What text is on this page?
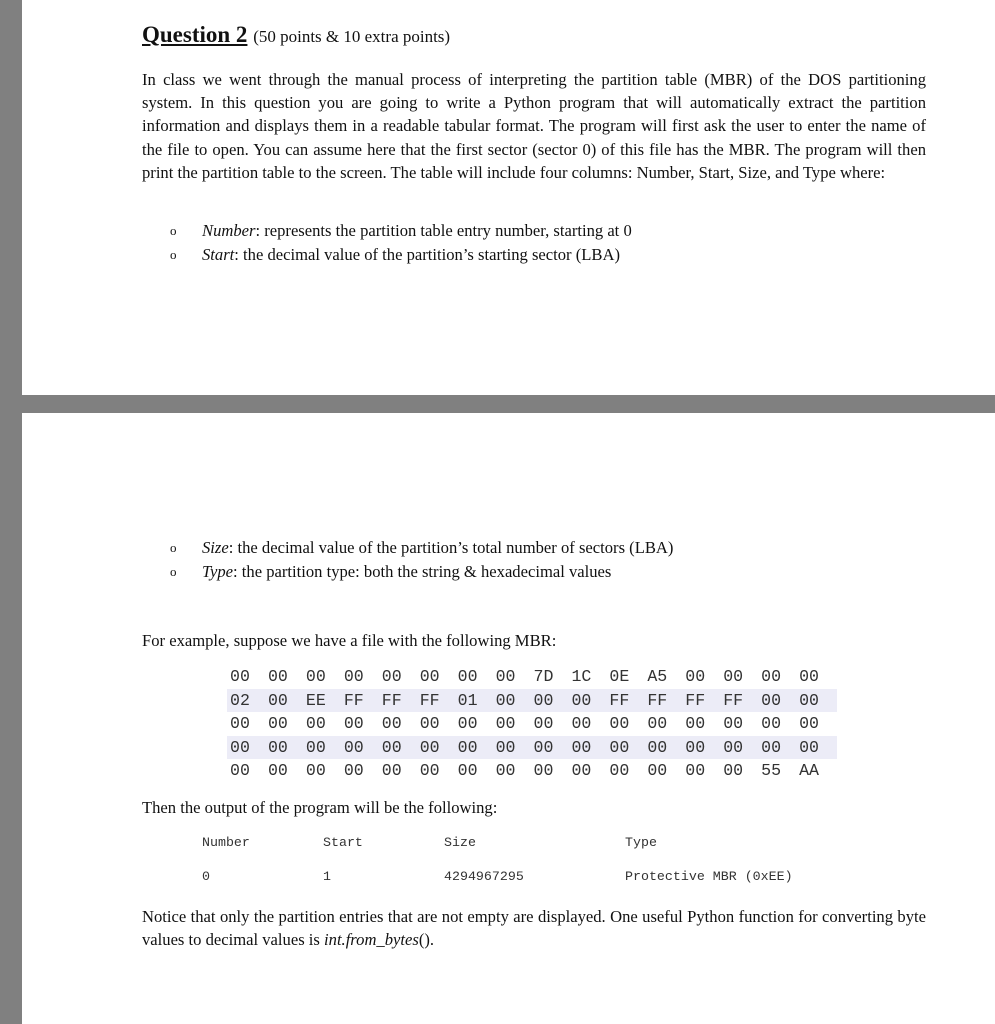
Question 2 (50 points & 10 extra points)

In class we went through the manual process of interpreting the partition table (MBR) of the DOS partitioning system. In this question you are going to write a Python program that will automatically extract the partition information and displays them in a readable tabular format. The program will first ask the user to enter the name of the file to open. You can assume here that the first sector (sector 0) of this file has the MBR. The program will then print the partition table to the screen. The table will include four columns: Number, Start, Size, and Type where:

o Number: represents the partition table entry number, starting at 0
o Start: the decimal value of the partition’s starting sector (LBA)
o Size: the decimal value of the partition’s total number of sectors (LBA)
o Type: the partition type: both the string & hexadecimal values

For example, suppose we have a file with the following MBR:

00	00	00	00	00	00	00	00	7D	1C	0E	A5	00	00	00	00
02	00	EE	FF	FF	FF	01	00	00	00	FF	FF	FF	FF	00	00
00	00	00	00	00	00	00	00	00	00	00	00	00	00	00	00
00	00	00	00	00	00	00	00	00	00	00	00	00	00	00	00
00	00	00	00	00	00	00	00	00	00	00	00	00	00	55	AA

Then the output of the program will be the following:

Number	Start	Size	Type
0	1	4294967295	Protective MBR (0xEE)

Notice that only the partition entries that are not empty are displayed. One useful Python function for converting byte values to decimal values is int.from_bytes().
